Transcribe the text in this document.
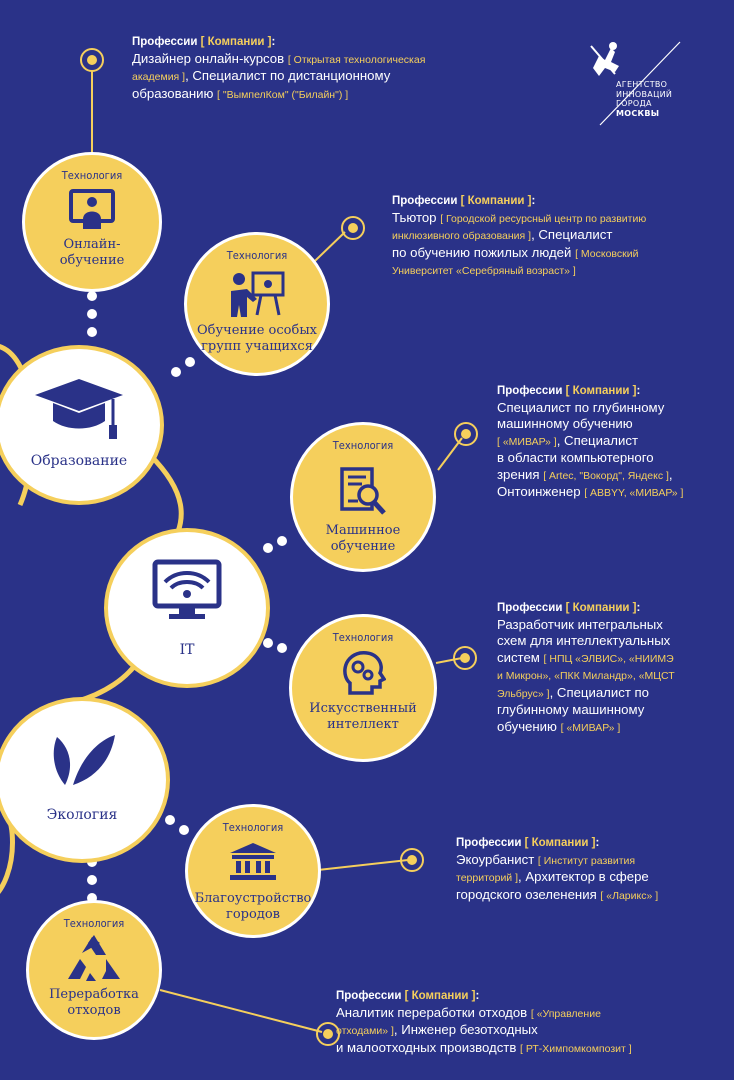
АГЕНТСТВО
ИННОВАЦИЙ
ГОРОДА
МОСКВЫ
Образование
IT
Экология
Технология
Онлайн-
обучение	Технология
Обучение особых
групп учащихся
Технология
Машинное
обучение
Технология
Искусственный
интеллект
Технология
Благоустройство
городов
Технология
Переработка
отходов
Профессии [ Компании ]:
Дизайнер онлайн-курсов [ Открытая технологическая
академия ], Специалист по дистанционному
образованию [ "ВымпелКом" ("Билайн") ]
Профессии [ Компании ]:
Тьютор [ Городской ресурсный центр по развитию
инклюзивного образования ], Специалист
по обучению пожилых людей [ Московский
Университет «Серебряный возраст» ]
Профессии [ Компании ]:
Специалист по глубинному
машинному обучению
[ «МИВАР» ], Специалист
в области компьютерного
зрения [ Artec, "Вокорд", Яндекс ],
Онтоинженер [ ABBYY, «МИВАР» ]
Профессии [ Компании ]:
Разработчик интегральных
схем для интеллектуальных
систем [ НПЦ «ЭЛВИС», «НИИМЭ
и Микрон», «ПКК Миландр», «МЦСТ
Эльбрус» ], Специалист по
глубинному машинному
обучению [ «МИВАР» ]
Профессии [ Компании ]:
Экоурбанист [ Институт развития
территорий ], Архитектор в сфере
городского озеленения [ «Ларикс» ]
Профессии [ Компании ]:
Аналитик переработки отходов [ «Управление
отходами» ], Инженер безотходных
и малоотходных производств [ РТ-Химпомкомпозит ]
